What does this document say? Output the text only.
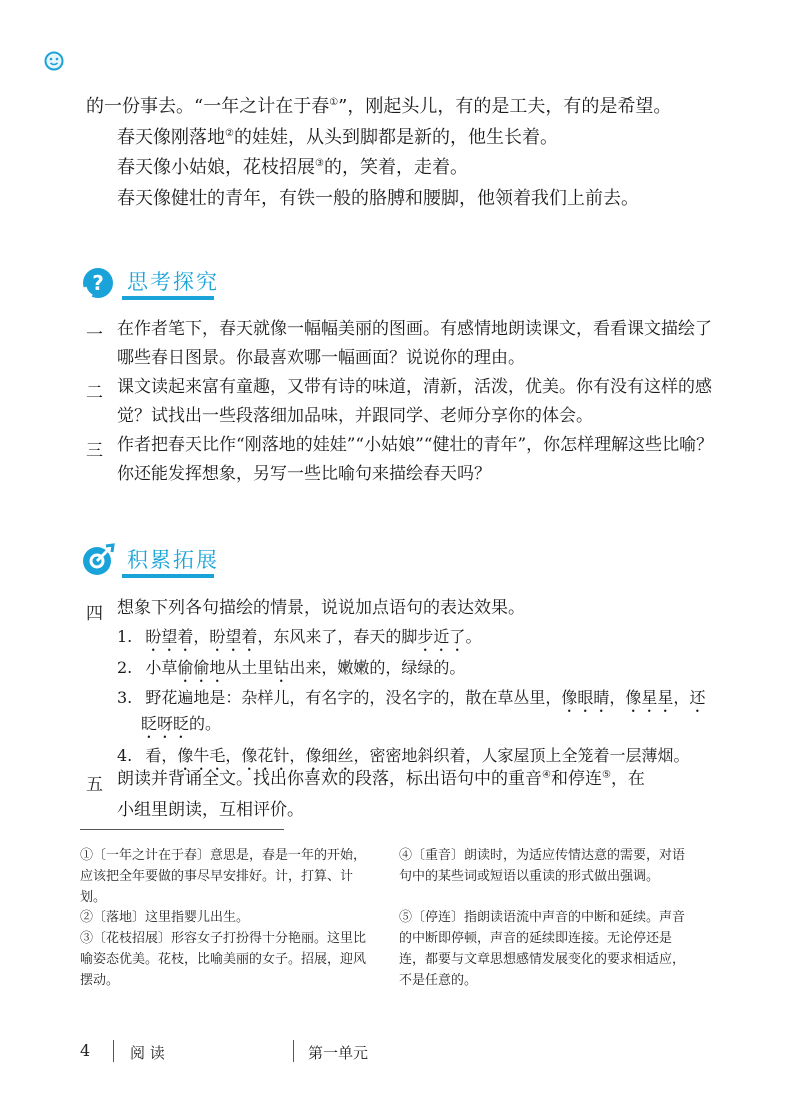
的一份事去。“一年之计在于春①”，刚起头儿，有的是工夫，有的是希望。
春天像刚落地②的娃娃，从头到脚都是新的，他生长着。
春天像小姑娘，花枝招展③的，笑着，走着。
春天像健壮的青年，有铁一般的胳膊和腰脚，他领着我们上前去。
? 思考探究
一 在作者笔下，春天就像一幅幅美丽的图画。有感情地朗读课文，看看课文描绘了哪些春日图景。你最喜欢哪一幅画面？说说你的理由。
二 课文读起来富有童趣，又带有诗的味道，清新，活泼，优美。你有没有这样的感觉？试找出一些段落细加品味，并跟同学、老师分享你的体会。
三 作者把春天比作“刚落地的娃娃”“小姑娘”“健壮的青年”，你怎样理解这些比喻？你还能发挥想象，另写一些比喻句来描绘春天吗？
积累拓展
四 想象下列各句描绘的情景，说说加点语句的表达效果。
1. 盼望着，盼望着，东风来了，春天的脚步近了。
2. 小草偷偷地从土里钻出来，嫩嫩的，绿绿的。
3. 野花遍地是：杂样儿，有名字的，没名字的，散在草丛里，像眼睛，像星星，还
眨呀眨的。
4. 看，像牛毛，像花针，像细丝，密密地斜织着，人家屋顶上全笼着一层薄烟。
五 朗读并背诵全文。找出你喜欢的段落，标出语句中的重音④和停连⑤，在
小组里朗读，互相评价。
①〔一年之计在于春〕意思是，春是一年的开始，应该把全年要做的事尽早安排好。计，打算、计划。
②〔落地〕这里指婴儿出生。
③〔花枝招展〕形容女子打扮得十分艳丽。这里比喻姿态优美。花枝，比喻美丽的女子。招展，迎风摆动。
④〔重音〕朗读时，为适应传情达意的需要，对语句中的某些词或短语以重读的形式做出强调。
⑤〔停连〕指朗读语流中声音的中断和延续。声音的中断即停顿，声音的延续即连接。无论停还是连，都要与文章思想感情发展变化的要求相适应，不是任意的。
4	阅 读	第一单元
